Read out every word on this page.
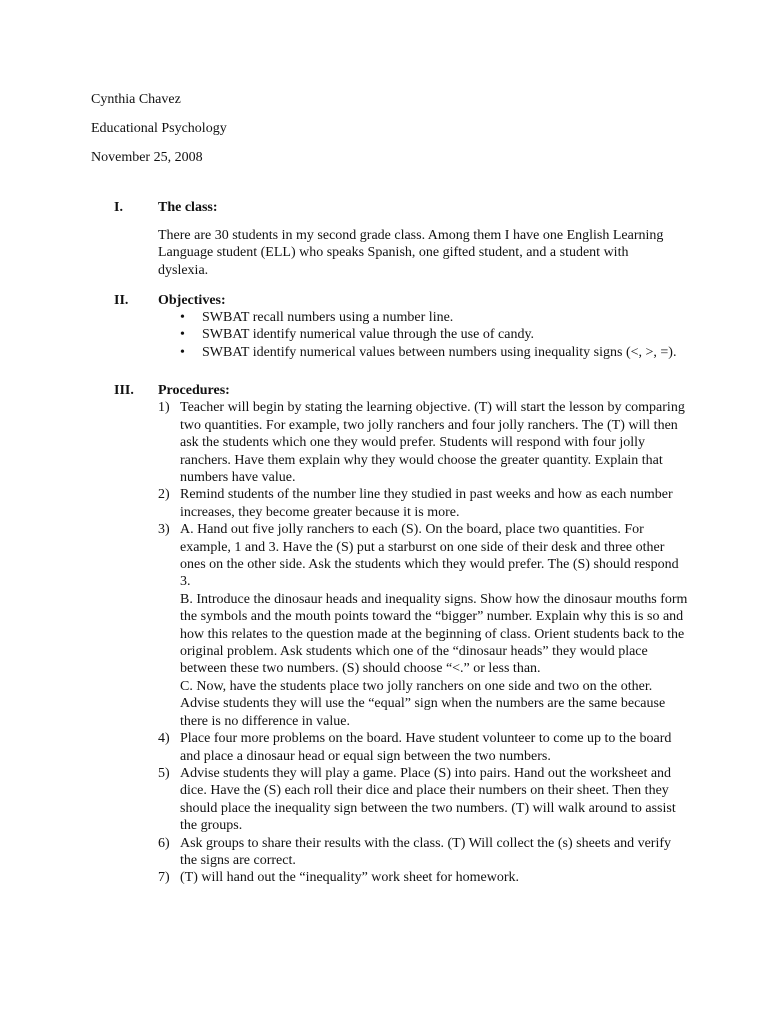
Cynthia Chavez
Educational Psychology
November 25, 2008
I.	The class:
There are 30 students in my second grade class. Among them I have one English Learning Language student (ELL) who speaks Spanish, one gifted student, and a student with dyslexia.
II. Objectives:
• SWBAT recall numbers using a number line.
• SWBAT identify numerical value through the use of candy.
• SWBAT identify numerical values between numbers using inequality signs (<, >, =).
III. Procedures:
1) Teacher will begin by stating the learning objective. (T) will start the lesson by comparing two quantities. For example, two jolly ranchers and four jolly ranchers. The (T) will then ask the students which one they would prefer. Students will respond with four jolly ranchers. Have them explain why they would choose the greater quantity. Explain that numbers have value.
2) Remind students of the number line they studied in past weeks and how as each number increases, they become greater because it is more.
3) A. Hand out five jolly ranchers to each (S). On the board, place two quantities. For example, 1 and 3. Have the (S) put a starburst on one side of their desk and three other ones on the other side. Ask the students which they would prefer. The (S) should respond 3.
B. Introduce the dinosaur heads and inequality signs. Show how the dinosaur mouths form the symbols and the mouth points toward the “bigger” number. Explain why this is so and how this relates to the question made at the beginning of class. Orient students back to the original problem. Ask students which one of the “dinosaur heads” they would place between these two numbers. (S) should choose “<.” or less than.
C. Now, have the students place two jolly ranchers on one side and two on the other. Advise students they will use the “equal” sign when the numbers are the same because there is no difference in value.
4) Place four more problems on the board. Have student volunteer to come up to the board and place a dinosaur head or equal sign between the two numbers.
5) Advise students they will play a game. Place (S) into pairs. Hand out the worksheet and dice. Have the (S) each roll their dice and place their numbers on their sheet. Then they should place the inequality sign between the two numbers. (T) will walk around to assist the groups.
6) Ask groups to share their results with the class. (T) Will collect the (s) sheets and verify the signs are correct.
7) (T) will hand out the “inequality” work sheet for homework.
